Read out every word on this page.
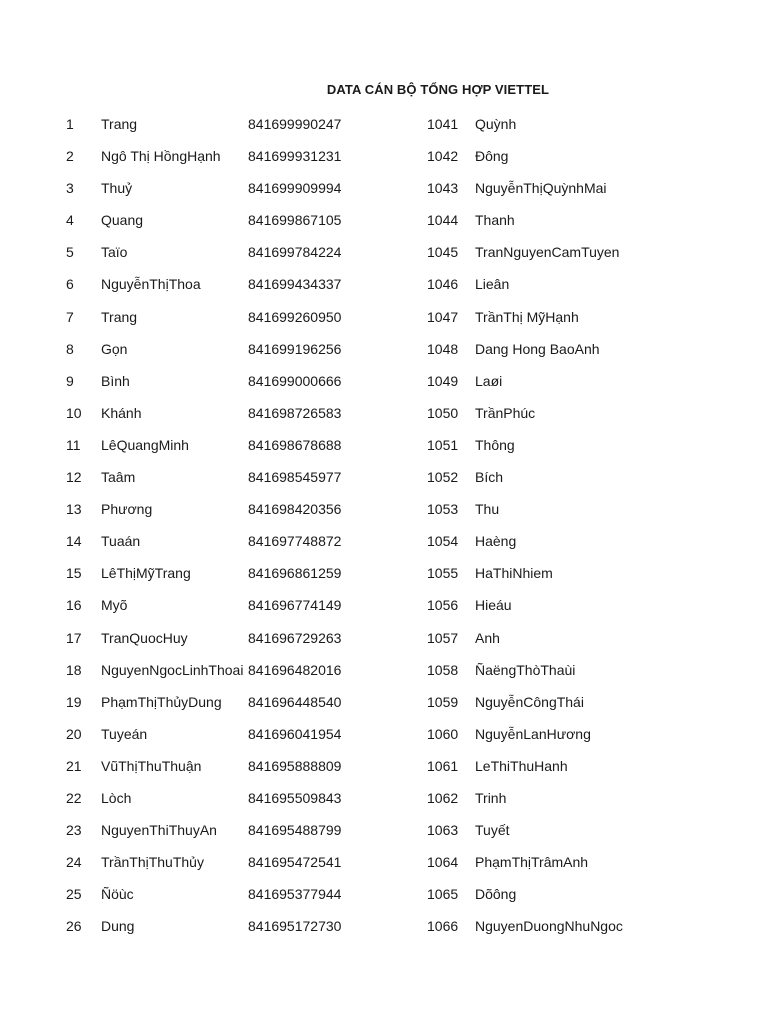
DATA CÁN BỘ TỔNG HỢP VIETTEL
1 Trang	841699990247	1041 Quỳnh
2 Ngô Thị HồngHạnh	841699931231	1042 Đông
3 Thuỷ	841699909994	1043 NguyễnThịQuỳnhMai
4 Quang	841699867105	1044 Thanh
5 Taïo	841699784224	1045 TranNguyenCamTuyen
6 NguyễnThịThoa	841699434337	1046 Lieân
7 Trang	841699260950	1047 TrầnThị MỹHạnh
8 Gọn	841699196256	1048 Dang Hong BaoAnh
9 Bình	841699000666	1049 Laøi
10 Khánh	841698726583	1050 TrầnPhúc
11 LêQuangMinh	841698678688	1051 Thông
12 Taâm	841698545977	1052 Bích
13 Phương	841698420356	1053 Thu
14 Tuaán	841697748872	1054 Haèng
15 LêThịMỹTrang	841696861259	1055 HaThiNhiem
16 Myõ	841696774149	1056 Hieáu
17 TranQuocHuy	841696729263	1057 Anh
18 NguyenNgocLinhThoai 841696482016	1058 ÑaëngThòThaùi
19 PhạmThịThủyDung	841696448540	1059 NguyễnCôngThái
20 Tuyeán	841696041954	1060 NguyễnLanHương
21 VũThịThuThuận	841695888809	1061 LeThiThuHanh
22 Lòch	841695509843	1062 Trinh
23 NguyenThiThuyAn	841695488799	1063 Tuyết
24 TrầnThịThuThủy	841695472541	1064 PhạmThịTrâmAnh
25 Ñöùc	841695377944	1065 Dõông
26 Dung	841695172730	1066 NguyenDuongNhuNgoc
